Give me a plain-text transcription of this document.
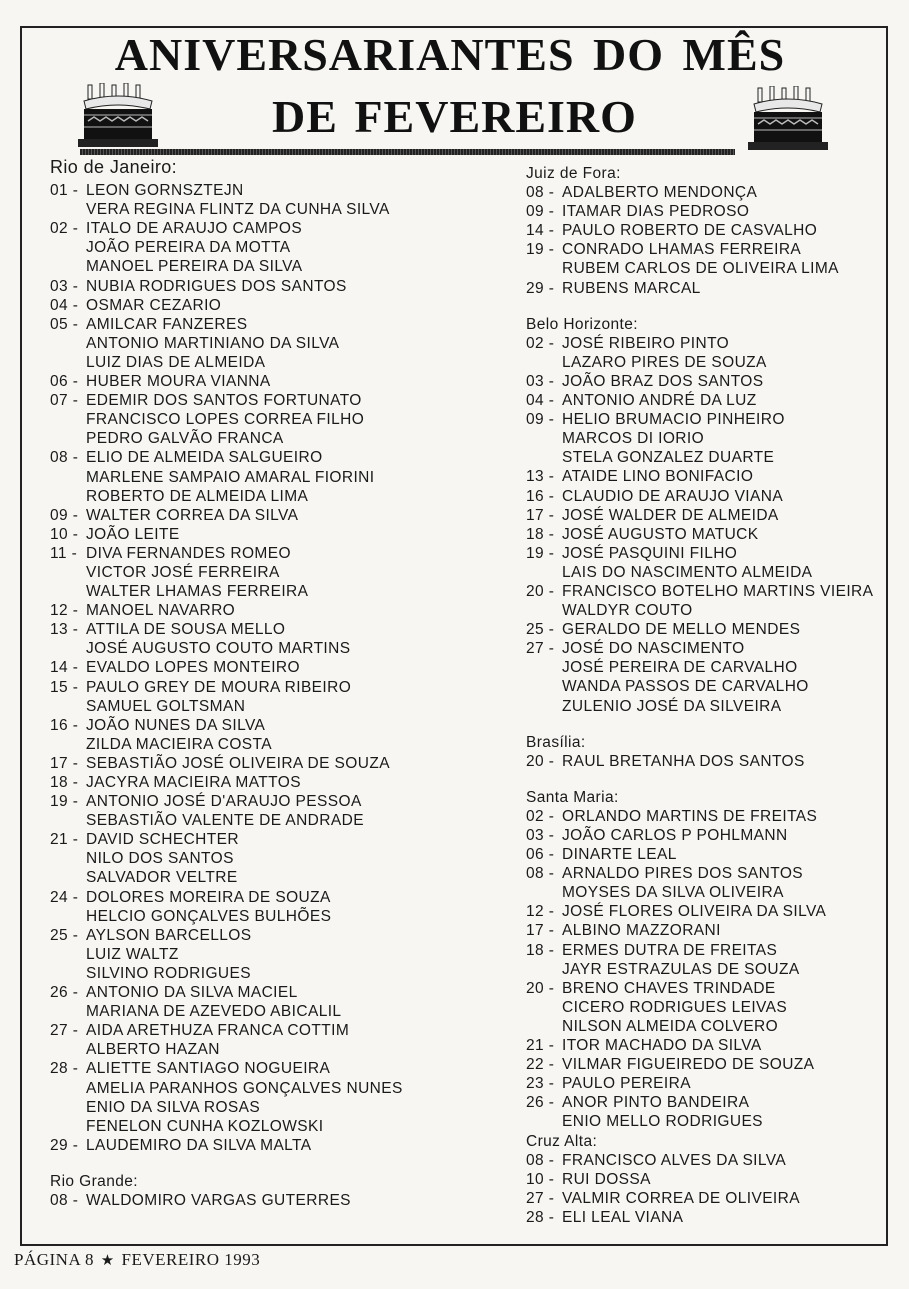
ANIVERSARIANTES DO MÊS
DE FEVEREIRO
Rio de Janeiro:
01 - LEON GORNSZTEJN
VERA REGINA FLINTZ DA CUNHA SILVA
02 - ITALO DE ARAUJO CAMPOS
JOÃO PEREIRA DA MOTTA
MANOEL PEREIRA DA SILVA
03 - NUBIA RODRIGUES DOS SANTOS
04 - OSMAR CEZARIO
05 - AMILCAR FANZERES
ANTONIO MARTINIANO DA SILVA
LUIZ DIAS DE ALMEIDA
06 - HUBER MOURA VIANNA
07 - EDEMIR DOS SANTOS FORTUNATO
FRANCISCO LOPES CORREA FILHO
PEDRO GALVÃO FRANCA
08 - ELIO DE ALMEIDA SALGUEIRO
MARLENE SAMPAIO AMARAL FIORINI
ROBERTO DE ALMEIDA LIMA
09 - WALTER CORREA DA SILVA
10 - JOÃO LEITE
11 - DIVA FERNANDES ROMEO
VICTOR JOSÉ FERREIRA
WALTER LHAMAS FERREIRA
12 - MANOEL NAVARRO
13 - ATTILA DE SOUSA MELLO
JOSÉ AUGUSTO COUTO MARTINS
14 - EVALDO LOPES MONTEIRO
15 - PAULO GREY DE MOURA RIBEIRO
SAMUEL GOLTSMAN
16 - JOÃO NUNES DA SILVA
ZILDA MACIEIRA COSTA
17 - SEBASTIÃO JOSÉ OLIVEIRA DE SOUZA
18 - JACYRA MACIEIRA MATTOS
19 - ANTONIO JOSÉ D'ARAUJO PESSOA
SEBASTIÃO VALENTE DE ANDRADE
21 - DAVID SCHECHTER
NILO DOS SANTOS
SALVADOR VELTRE
24 - DOLORES MOREIRA DE SOUZA
HELCIO GONÇALVES BULHÕES
25 - AYLSON BARCELLOS
LUIZ WALTZ
SILVINO RODRIGUES
26 - ANTONIO DA SILVA MACIEL
MARIANA DE AZEVEDO ABICALIL
27 - AIDA ARETHUZA FRANCA COTTIM
ALBERTO HAZAN
28 - ALIETTE SANTIAGO NOGUEIRA
AMELIA PARANHOS GONÇALVES NUNES
ENIO DA SILVA ROSAS
FENELON CUNHA KOZLOWSKI
29 - LAUDEMIRO DA SILVA MALTA
Rio Grande:
08 - WALDOMIRO VARGAS GUTERRES
Juiz de Fora:
08 - ADALBERTO MENDONÇA
09 - ITAMAR DIAS PEDROSO
14 - PAULO ROBERTO DE CASVALHO
19 - CONRADO LHAMAS FERREIRA
RUBEM CARLOS DE OLIVEIRA LIMA
29 - RUBENS MARCAL
Belo Horizonte:
02 - JOSÉ RIBEIRO PINTO
LAZARO PIRES DE SOUZA
03 - JOÃO BRAZ DOS SANTOS
04 - ANTONIO ANDRÉ DA LUZ
09 - HELIO BRUMACIO PINHEIRO
MARCOS DI IORIO
STELA GONZALEZ DUARTE
13 - ATAIDE LINO BONIFACIO
16 - CLAUDIO DE ARAUJO VIANA
17 - JOSÉ WALDER DE ALMEIDA
18 - JOSÉ AUGUSTO MATUCK
19 - JOSÉ PASQUINI FILHO
LAIS DO NASCIMENTO ALMEIDA
20 - FRANCISCO BOTELHO MARTINS VIEIRA
WALDYR COUTO
25 - GERALDO DE MELLO MENDES
27 - JOSÉ DO NASCIMENTO
JOSÉ PEREIRA DE CARVALHO
WANDA PASSOS DE CARVALHO
ZULENIO JOSÉ DA SILVEIRA
Brasília:
20 - RAUL BRETANHA DOS SANTOS
Santa Maria:
02 - ORLANDO MARTINS DE FREITAS
03 - JOÃO CARLOS P POHLMANN
06 - DINARTE LEAL
08 - ARNALDO PIRES DOS SANTOS
MOYSES DA SILVA OLIVEIRA
12 - JOSÉ FLORES OLIVEIRA DA SILVA
17 - ALBINO MAZZORANI
18 - ERMES DUTRA DE FREITAS
JAYR ESTRAZULAS DE SOUZA
20 - BRENO CHAVES TRINDADE
CICERO RODRIGUES LEIVAS
NILSON ALMEIDA COLVERO
21 - ITOR MACHADO DA SILVA
22 - VILMAR FIGUEIREDO DE SOUZA
23 - PAULO PEREIRA
26 - ANOR PINTO BANDEIRA
ENIO MELLO RODRIGUES
Cruz Alta:
08 - FRANCISCO ALVES DA SILVA
10 - RUI DOSSA
27 - VALMIR CORREA DE OLIVEIRA
28 - ELI LEAL VIANA
PÁGINA 8 ★ FEVEREIRO 1993
